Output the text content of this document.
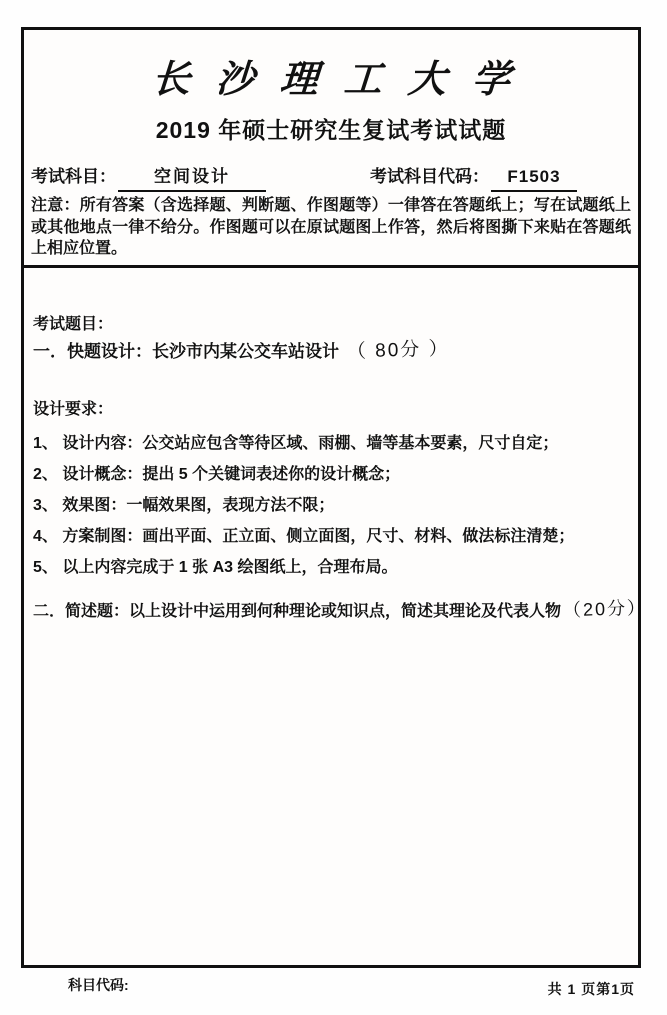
长沙理工大学
2019 年硕士研究生复试考试试题
考试科目： 空间设计	考试科目代码： F1503
注意：所有答案（含选择题、判断题、作图题等）一律答在答题纸上；写在试题纸上或其他地点一律不给分。作图题可以在原试题图上作答，然后将图撕下来贴在答题纸上相应位置。
考试题目：
一．快题设计：长沙市内某公交车站设计 （ 80分 ）
设计要求：
1、 设计内容：公交站应包含等待区域、雨棚、墙等基本要素，尺寸自定；
2、 设计概念：提出 5 个关键词表述你的设计概念；
3、 效果图：一幅效果图，表现方法不限；
4、 方案制图：画出平面、正立面、侧立面图，尺寸、材料、做法标注清楚；
5、 以上内容完成于 1 张 A3 绘图纸上，合理布局。
二．简述题：以上设计中运用到何种理论或知识点，简述其理论及代表人物（20分）
科目代码:	共 1 页第1页
